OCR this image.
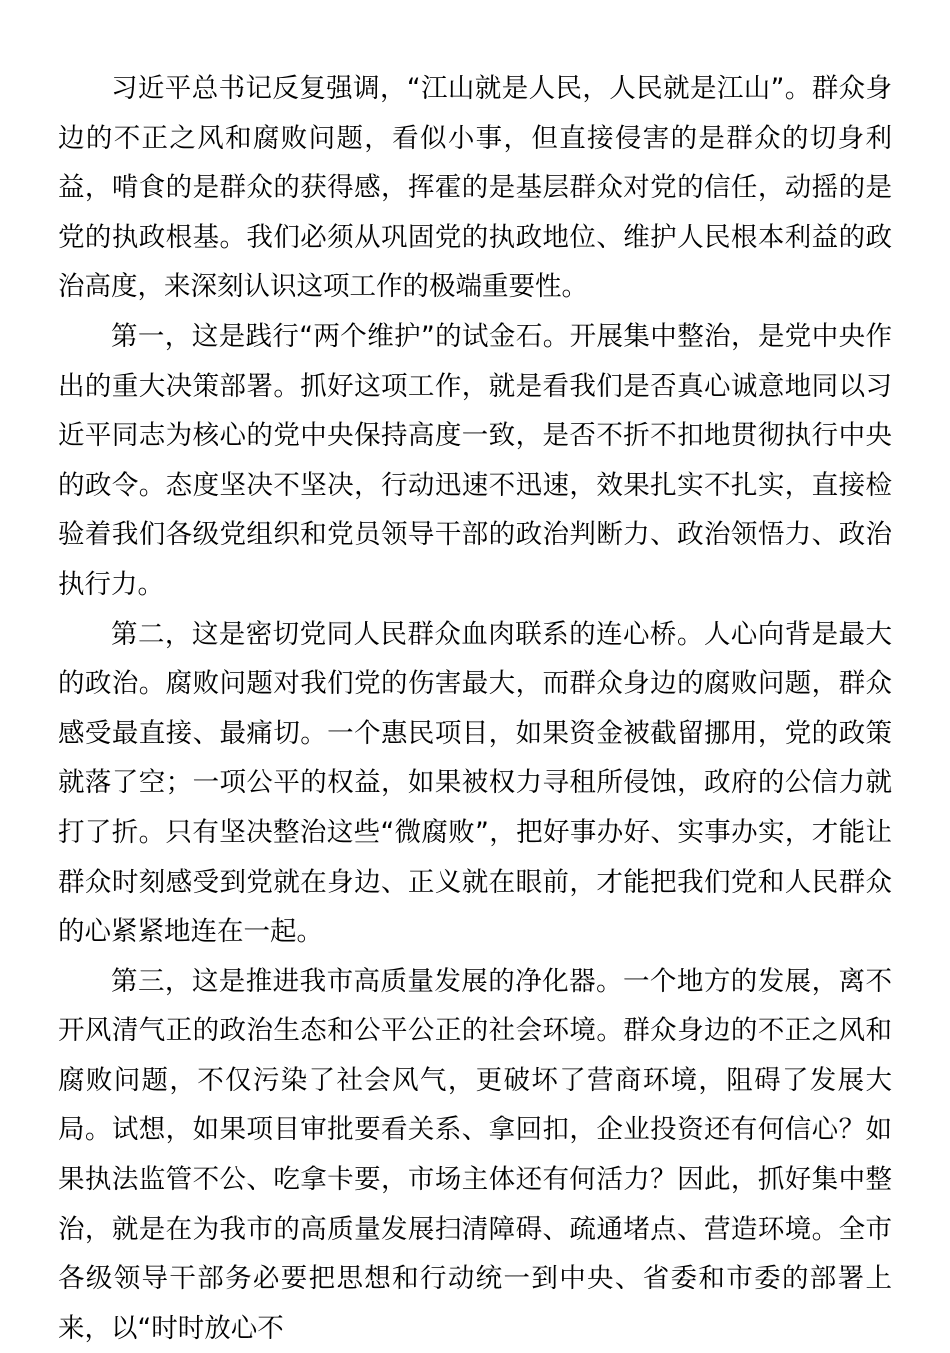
习近平总书记反复强调，“江山就是人民，人民就是江山”。群众身边的不正之风和腐败问题，看似小事，但直接侵害的是群众的切身利益，啃食的是群众的获得感，挥霍的是基层群众对党的信任，动摇的是党的执政根基。我们必须从巩固党的执政地位、维护人民根本利益的政治高度，来深刻认识这项工作的极端重要性。

第一，这是践行“两个维护”的试金石。开展集中整治，是党中央作出的重大决策部署。抓好这项工作，就是看我们是否真心诚意地同以习近平同志为核心的党中央保持高度一致，是否不折不扣地贯彻执行中央的政令。态度坚决不坚决，行动迅速不迅速，效果扎实不扎实，直接检验着我们各级党组织和党员领导干部的政治判断力、政治领悟力、政治执行力。

第二，这是密切党同人民群众血肉联系的连心桥。人心向背是最大的政治。腐败问题对我们党的伤害最大，而群众身边的腐败问题，群众感受最直接、最痛切。一个惠民项目，如果资金被截留挪用，党的政策就落了空；一项公平的权益，如果被权力寻租所侵蚀，政府的公信力就打了折。只有坚决整治这些“微腐败”，把好事办好、实事办实，才能让群众时刻感受到党就在身边、正义就在眼前，才能把我们党和人民群众的心紧紧地连在一起。

第三，这是推进我市高质量发展的净化器。一个地方的发展，离不开风清气正的政治生态和公平公正的社会环境。群众身边的不正之风和腐败问题，不仅污染了社会风气，更破坏了营商环境，阻碍了发展大局。试想，如果项目审批要看关系、拿回扣，企业投资还有何信心？如果执法监管不公、吃拿卡要，市场主体还有何活力？因此，抓好集中整治，就是在为我市的高质量发展扫清障碍、疏通堵点、营造环境。全市各级领导干部务必要把思想和行动统一到中央、省委和市委的部署上来，以“时时放心不
